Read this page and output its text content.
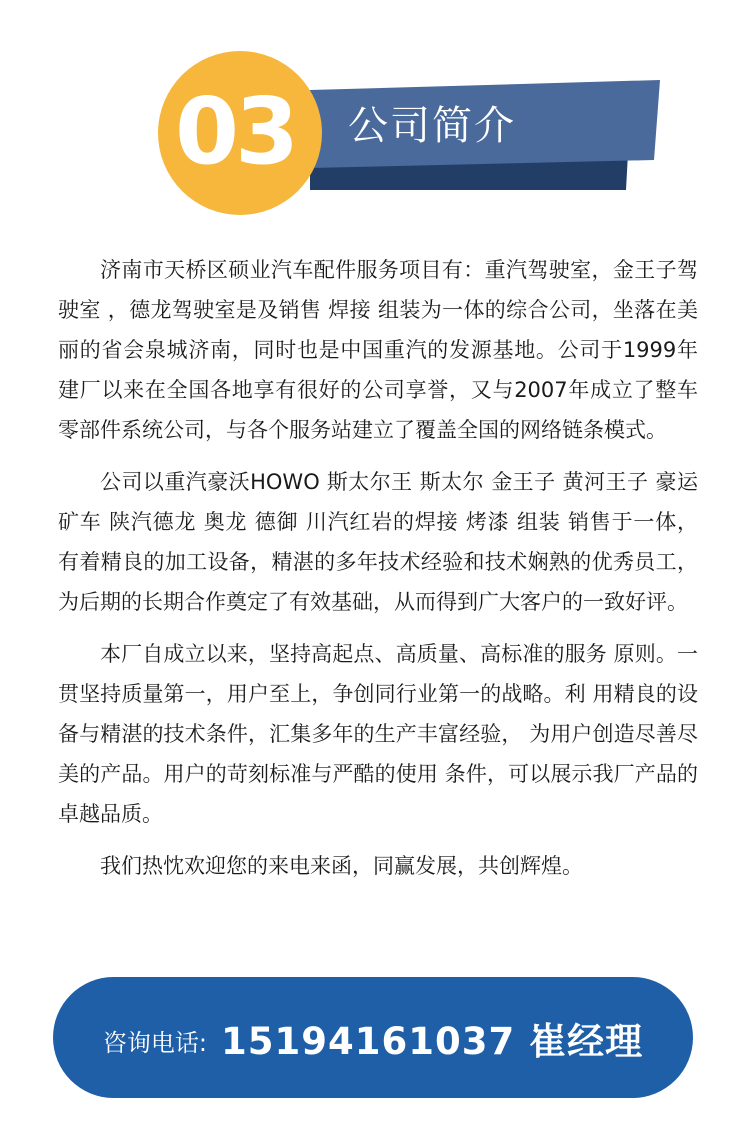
03	公司简介

济南市天桥区硕业汽车配件服务项目有：重汽驾驶室，金王子驾驶室 ，德龙驾驶室是及销售 焊接 组装为一体的综合公司，坐落在美丽的省会泉城济南，同时也是中国重汽的发源基地。公司于1999年建厂以来在全国各地享有很好的公司享誉，又与2007年成立了整车零部件系统公司，与各个服务站建立了覆盖全国的网络链条模式。

公司以重汽豪沃HOWO 斯太尔王 斯太尔 金王子 黄河王子 豪运 矿车 陕汽德龙 奥龙 德御 川汽红岩的焊接 烤漆 组装 销售于一体， 有着精良的加工设备，精湛的多年技术经验和技术娴熟的优秀员工，为后期的长期合作奠定了有效基础，从而得到广大客户的一致好评。

本厂自成立以来，坚持高起点、高质量、高标准的服务 原则。一贯坚持质量第一，用户至上，争创同行业第一的战略。利 用精良的设备与精湛的技术条件，汇集多年的生产丰富经验， 为用户创造尽善尽美的产品。用户的苛刻标准与严酷的使用 条件，可以展示我厂产品的卓越品质。

我们热忱欢迎您的来电来函，同赢发展，共创辉煌。

咨询电话: 15194161037 崔经理
